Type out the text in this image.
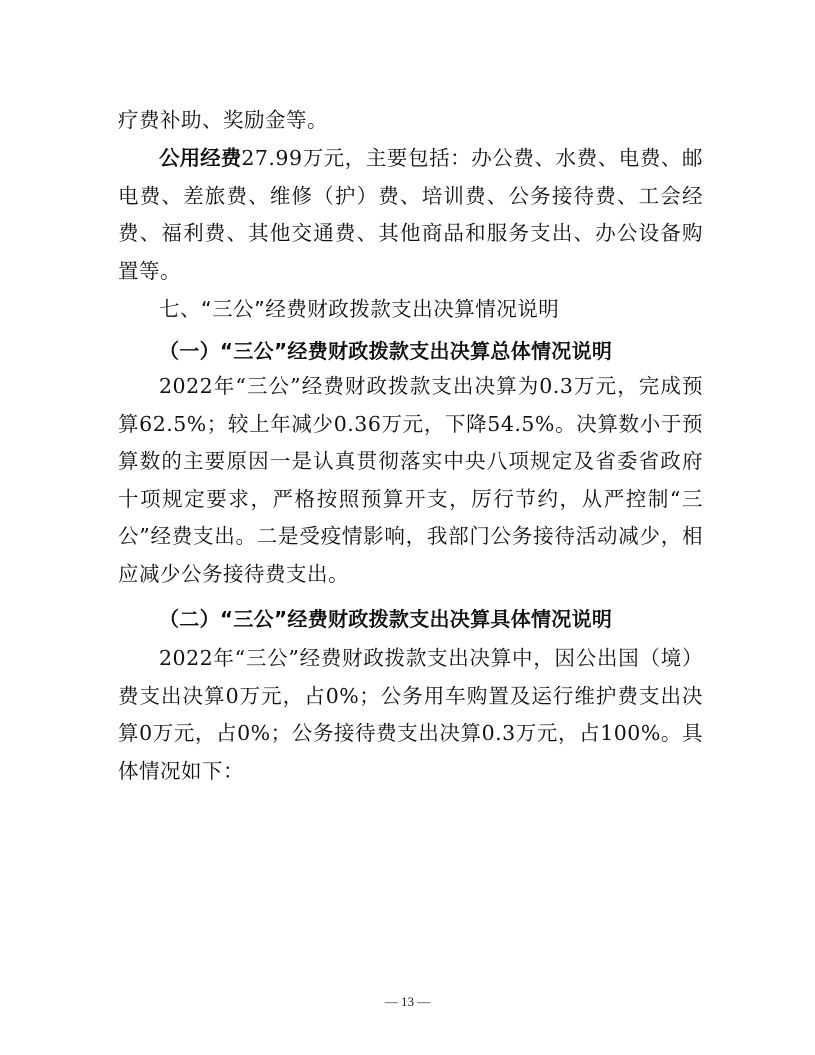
疗费补助、奖励金等。
公用经费27.99万元，主要包括：办公费、水费、电费、邮电费、差旅费、维修（护）费、培训费、公务接待费、工会经费、福利费、其他交通费、其他商品和服务支出、办公设备购置等。
七、“三公”经费财政拨款支出决算情况说明
（一）“三公”经费财政拨款支出决算总体情况说明
2022年“三公”经费财政拨款支出决算为0.3万元，完成预算62.5%；较上年减少0.36万元，下降54.5%。决算数小于预算数的主要原因一是认真贯彻落实中央八项规定及省委省政府十项规定要求，严格按照预算开支，厉行节约，从严控制“三公”经费支出。二是受疫情影响，我部门公务接待活动减少，相应减少公务接待费支出。
（二）“三公”经费财政拨款支出决算具体情况说明
2022年“三公”经费财政拨款支出决算中，因公出国（境）费支出决算0万元，占0%；公务用车购置及运行维护费支出决算0万元，占0%；公务接待费支出决算0.3万元，占100%。具体情况如下：
— 13 —
